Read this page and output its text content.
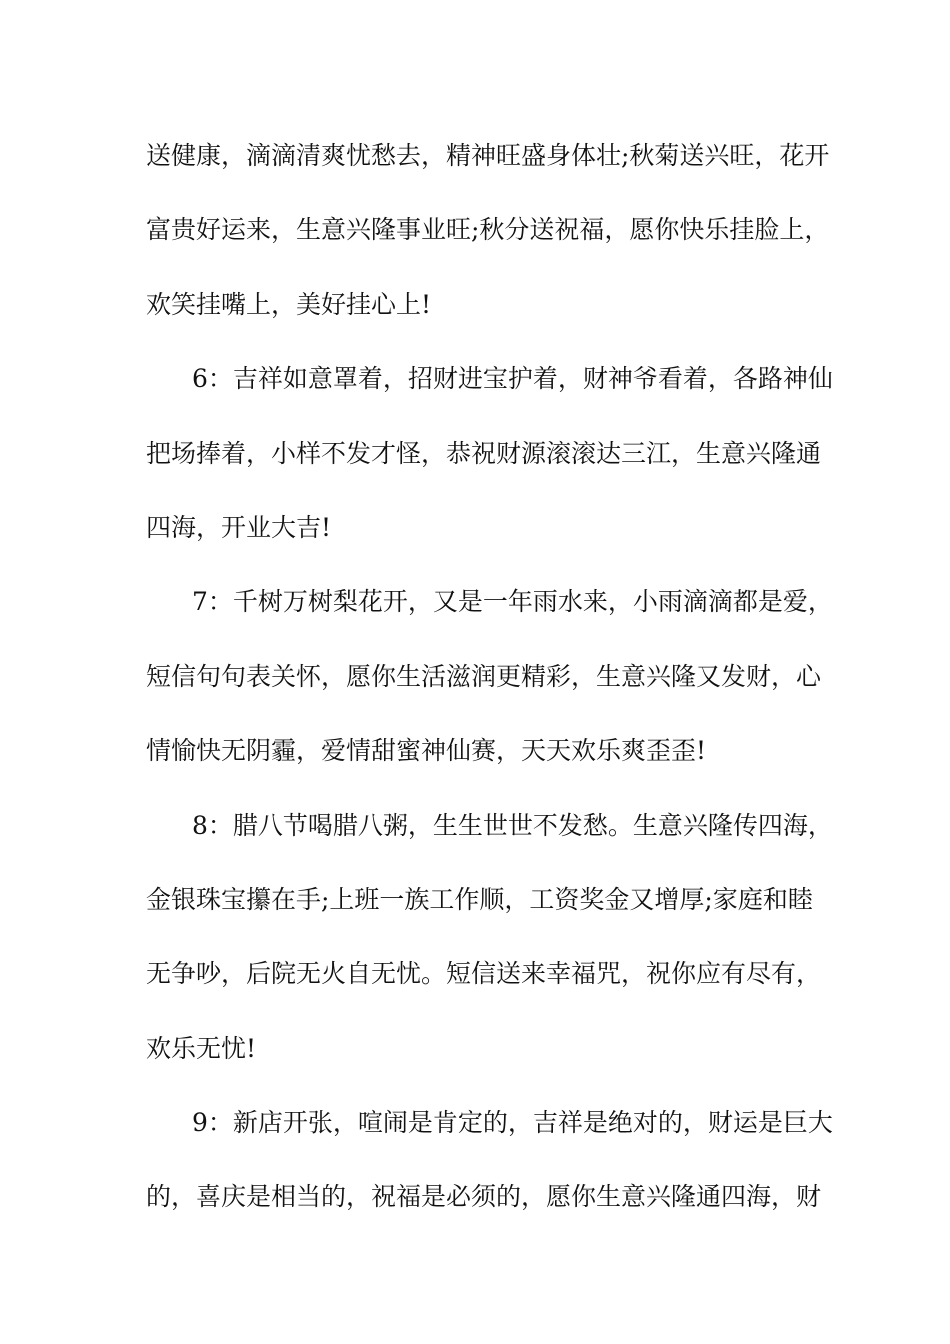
送健康，滴滴清爽忧愁去，精神旺盛身体壮;秋菊送兴旺，花开
富贵好运来，生意兴隆事业旺;秋分送祝福，愿你快乐挂脸上，
欢笑挂嘴上，美好挂心上!
6：吉祥如意罩着，招财进宝护着，财神爷看着，各路神仙
把场捧着，小样不发才怪，恭祝财源滚滚达三江，生意兴隆通
四海，开业大吉!
7：千树万树梨花开，又是一年雨水来，小雨滴滴都是爱，
短信句句表关怀，愿你生活滋润更精彩，生意兴隆又发财，心
情愉快无阴霾，爱情甜蜜神仙赛，天天欢乐爽歪歪!
8：腊八节喝腊八粥，生生世世不发愁。生意兴隆传四海，
金银珠宝攥在手;上班一族工作顺，工资奖金又增厚;家庭和睦
无争吵，后院无火自无忧。短信送来幸福咒，祝你应有尽有，
欢乐无忧!
9：新店开张，喧闹是肯定的，吉祥是绝对的，财运是巨大
的，喜庆是相当的，祝福是必须的，愿你生意兴隆通四海，财
